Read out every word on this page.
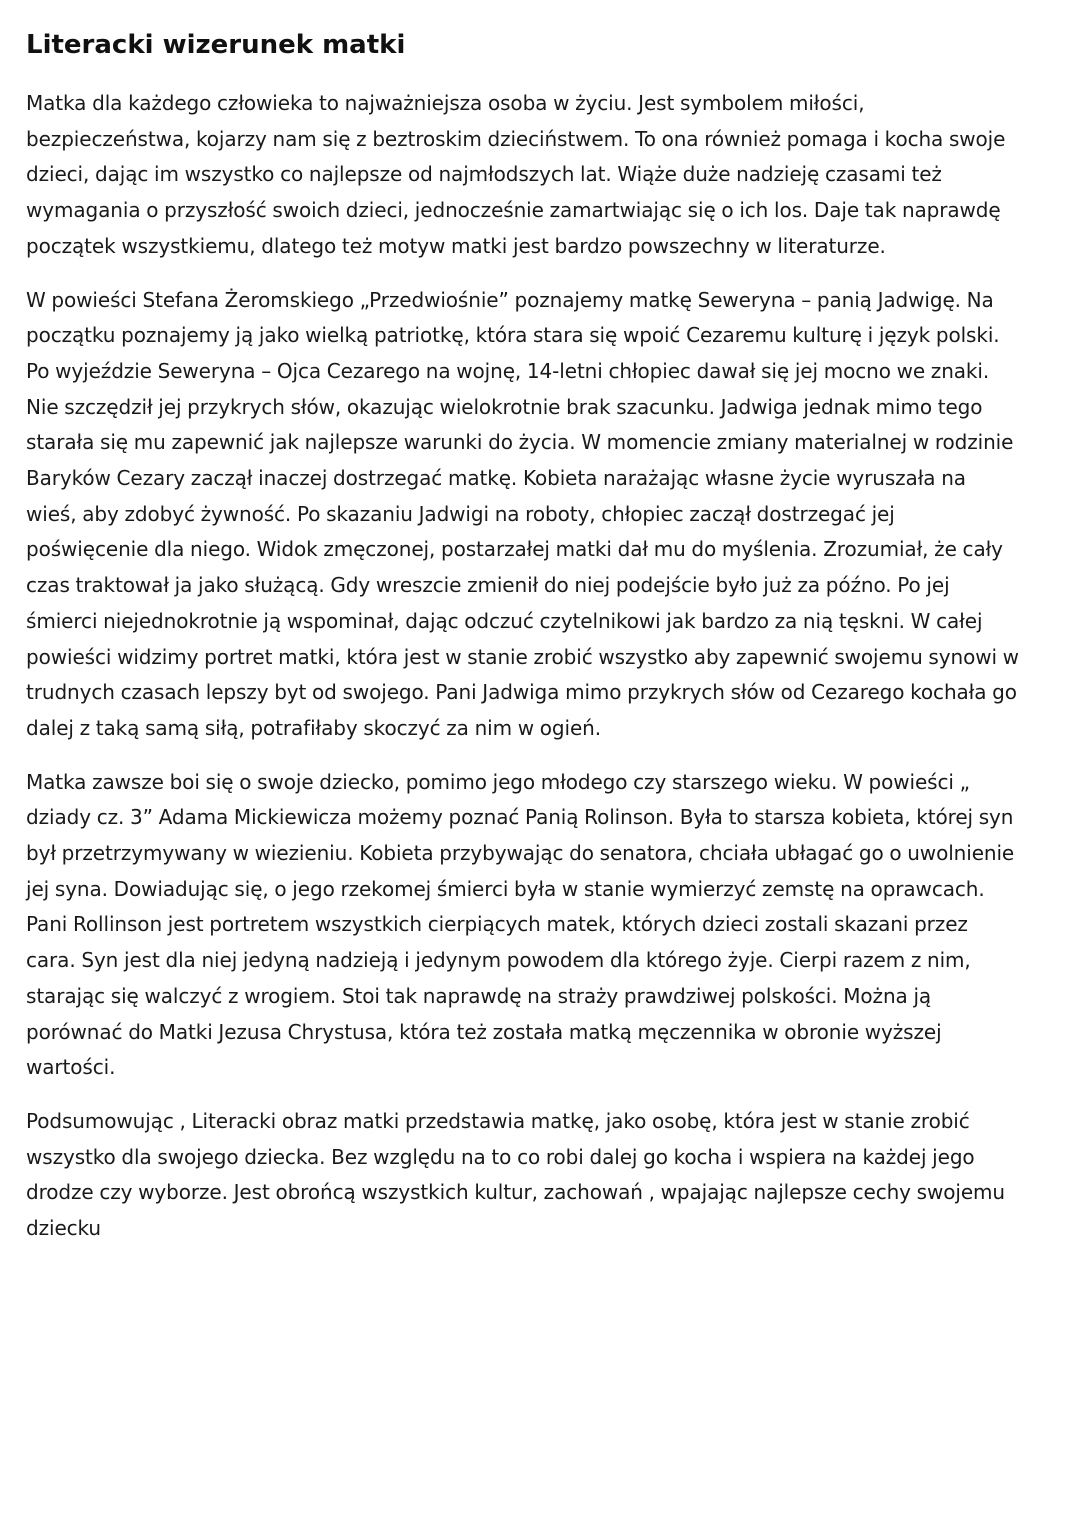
Literacki wizerunek matki

Matka dla każdego człowieka to najważniejsza osoba w życiu. Jest symbolem miłości, bezpieczeństwa, kojarzy nam się z beztroskim dzieciństwem. To ona również pomaga i kocha swoje dzieci, dając im wszystko co najlepsze od najmłodszych lat. Wiąże duże nadzieję czasami też wymagania o przyszłość swoich dzieci, jednocześnie zamartwiając się o ich los. Daje tak naprawdę początek wszystkiemu, dlatego też motyw matki jest bardzo powszechny w literaturze.

W powieści Stefana Żeromskiego „Przedwiośnie” poznajemy matkę Seweryna – panią Jadwigę. Na początku poznajemy ją jako wielką patriotkę, która stara się wpoić Cezaremu kulturę i język polski. Po wyjeździe Seweryna – Ojca Cezarego na wojnę, 14-letni chłopiec dawał się jej mocno we znaki. Nie szczędził jej przykrych słów, okazując wielokrotnie brak szacunku. Jadwiga jednak mimo tego starała się mu zapewnić jak najlepsze warunki do życia. W momencie zmiany materialnej w rodzinie Baryków Cezary zaczął inaczej dostrzegać matkę. Kobieta narażając własne życie wyruszała na wieś, aby zdobyć żywność. Po skazaniu Jadwigi na roboty, chłopiec zaczął dostrzegać jej poświęcenie dla niego. Widok zmęczonej, postarzałej matki dał mu do myślenia. Zrozumiał, że cały czas traktował ja jako służącą. Gdy wreszcie zmienił do niej podejście było już za późno. Po jej śmierci niejednokrotnie ją wspominał, dając odczuć czytelnikowi jak bardzo za nią tęskni. W całej powieści widzimy portret matki, która jest w stanie zrobić wszystko aby zapewnić swojemu synowi w trudnych czasach lepszy byt od swojego. Pani Jadwiga mimo przykrych słów od Cezarego kochała go dalej z taką samą siłą, potrafiłaby skoczyć za nim w ogień.

Matka zawsze boi się o swoje dziecko, pomimo jego młodego czy starszego wieku. W powieści „ dziady cz. 3” Adama Mickiewicza możemy poznać Panią Rolinson. Była to starsza kobieta, której syn był przetrzymywany w wiezieniu. Kobieta przybywając do senatora, chciała ubłagać go o uwolnienie jej syna. Dowiadując się, o jego rzekomej śmierci była w stanie wymierzyć zemstę na oprawcach. Pani Rollinson jest portretem wszystkich cierpiących matek, których dzieci zostali skazani przez cara. Syn jest dla niej jedyną nadzieją i jedynym powodem dla którego żyje. Cierpi razem z nim, starając się walczyć z wrogiem. Stoi tak naprawdę na straży prawdziwej polskości. Można ją porównać do Matki Jezusa Chrystusa, która też została matką męczennika w obronie wyższej wartości.

Podsumowując , Literacki obraz matki przedstawia matkę, jako osobę, która jest w stanie zrobić wszystko dla swojego dziecka. Bez względu na to co robi dalej go kocha i wspiera na każdej jego drodze czy wyborze. Jest obrońcą wszystkich kultur, zachowań , wpajając najlepsze cechy swojemu dziecku
